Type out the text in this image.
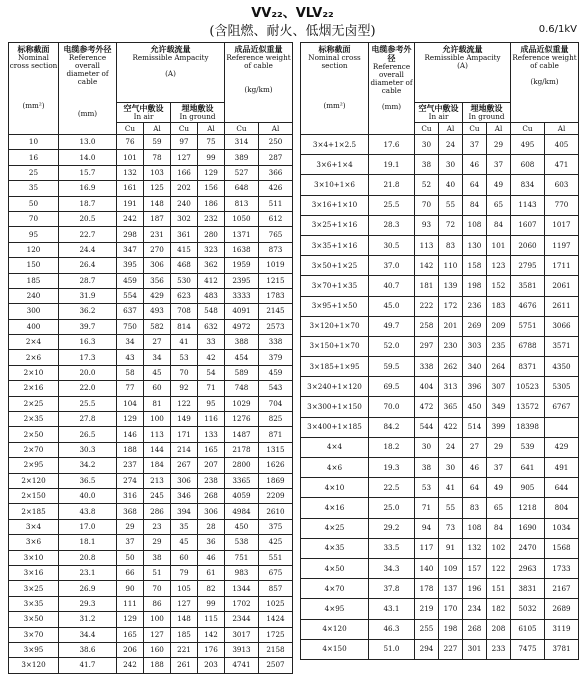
VV₂₂、VLV₂₂
(含阻燃、耐火、低烟无卤型)	0.6/1kV
标称截面
Nominal cross section

(mm²)	电缆参考外径
Reference overall diameter of cable

(mm)	允许载流量
Remissible Ampacity

(A)				成品近似重量
Reference weight of cable

(kg/km)	
		空气中敷设
In air		埋地敷设
In ground			
		Cu	Al	Cu	Al	Cu	Al
10	13.0	76	59	97	75	314	250
16	14.0	101	78	127	99	389	287
25	15.7	132	103	166	129	527	366
35	16.9	161	125	202	156	648	426
50	18.7	191	148	240	186	813	511
70	20.5	242	187	302	232	1050	612
95	22.7	298	231	361	280	1371	765
120	24.4	347	270	415	323	1638	873
150	26.4	395	306	468	362	1959	1019
185	28.7	459	356	530	412	2395	1215
240	31.9	554	429	623	483	3333	1783
300	36.2	637	493	708	548	4091	2145
400	39.7	750	582	814	632	4972	2573
2×4	16.3	34	27	41	33	388	338
2×6	17.3	43	34	53	42	454	379
2×10	20.0	58	45	70	54	589	459
2×16	22.0	77	60	92	71	748	543
2×25	25.5	104	81	122	95	1029	704
2×35	27.8	129	100	149	116	1276	825
2×50	26.5	146	113	171	133	1487	871
2×70	30.3	188	144	214	165	2178	1315
2×95	34.2	237	184	267	207	2800	1626
2×120	36.5	274	213	306	238	3365	1869
2×150	40.0	316	245	346	268	4059	2209
2×185	43.8	368	286	394	306	4984	2610
3×4	17.0	29	23	35	28	450	375
3×6	18.1	37	29	45	36	538	425
3×10	20.8	50	38	60	46	751	551
3×16	23.1	66	51	79	61	983	675
3×25	26.9	90	70	105	82	1344	857
3×35	29.3	111	86	127	99	1702	1025
3×50	31.2	129	100	148	115	2344	1424
3×70	34.4	165	127	185	142	3017	1725
3×95	38.6	206	160	221	176	3913	2158
3×120	41.7	242	188	261	203	4741	2507
标称截面
Nominal cross section

(mm²)	电缆参考外径
Reference overall diameter of cable

(mm)	允许载流量
Remissible Ampacity
(A)				成品近似重量
Reference weight of cable

(kg/km)	
		空气中敷设
In air		埋地敷设
In ground			
		Cu	Al	Cu	Al	Cu	Al
3×4+1×2.5	17.6	30	24	37	29	495	405
3×6+1×4	19.1	38	30	46	37	608	471
3×10+1×6	21.8	52	40	64	49	834	603
3×16+1×10	25.5	70	55	84	65	1143	770
3×25+1×16	28.3	93	72	108	84	1607	1017
3×35+1×16	30.5	113	83	130	101	2060	1197
3×50+1×25	37.0	142	110	158	123	2795	1711
3×70+1×35	40.7	181	139	198	152	3581	2061
3×95+1×50	45.0	222	172	236	183	4676	2611
3×120+1×70	49.7	258	201	269	209	5751	3066
3×150+1×70	52.0	297	230	303	235	6788	3571
3×185+1×95	59.5	338	262	340	264	8371	4350
3×240+1×120	69.5	404	313	396	307	10523	5305
3×300+1×150	70.0	472	365	450	349	13572	6767
3×400+1×185	84.2	544	422	514	399	18398	
4×4	18.2	30	24	27	29	539	429
4×6	19.3	38	30	46	37	641	491
4×10	22.5	53	41	64	49	905	644
4×16	25.0	71	55	83	65	1218	804
4×25	29.2	94	73	108	84	1690	1034
4×35	33.5	117	91	132	102	2470	1568
4×50	34.3	140	109	157	122	2963	1733
4×70	37.8	178	137	196	151	3831	2167
4×95	43.1	219	170	234	182	5032	2689
4×120	46.3	255	198	268	208	6105	3119
4×150	51.0	294	227	301	233	7475	3781
